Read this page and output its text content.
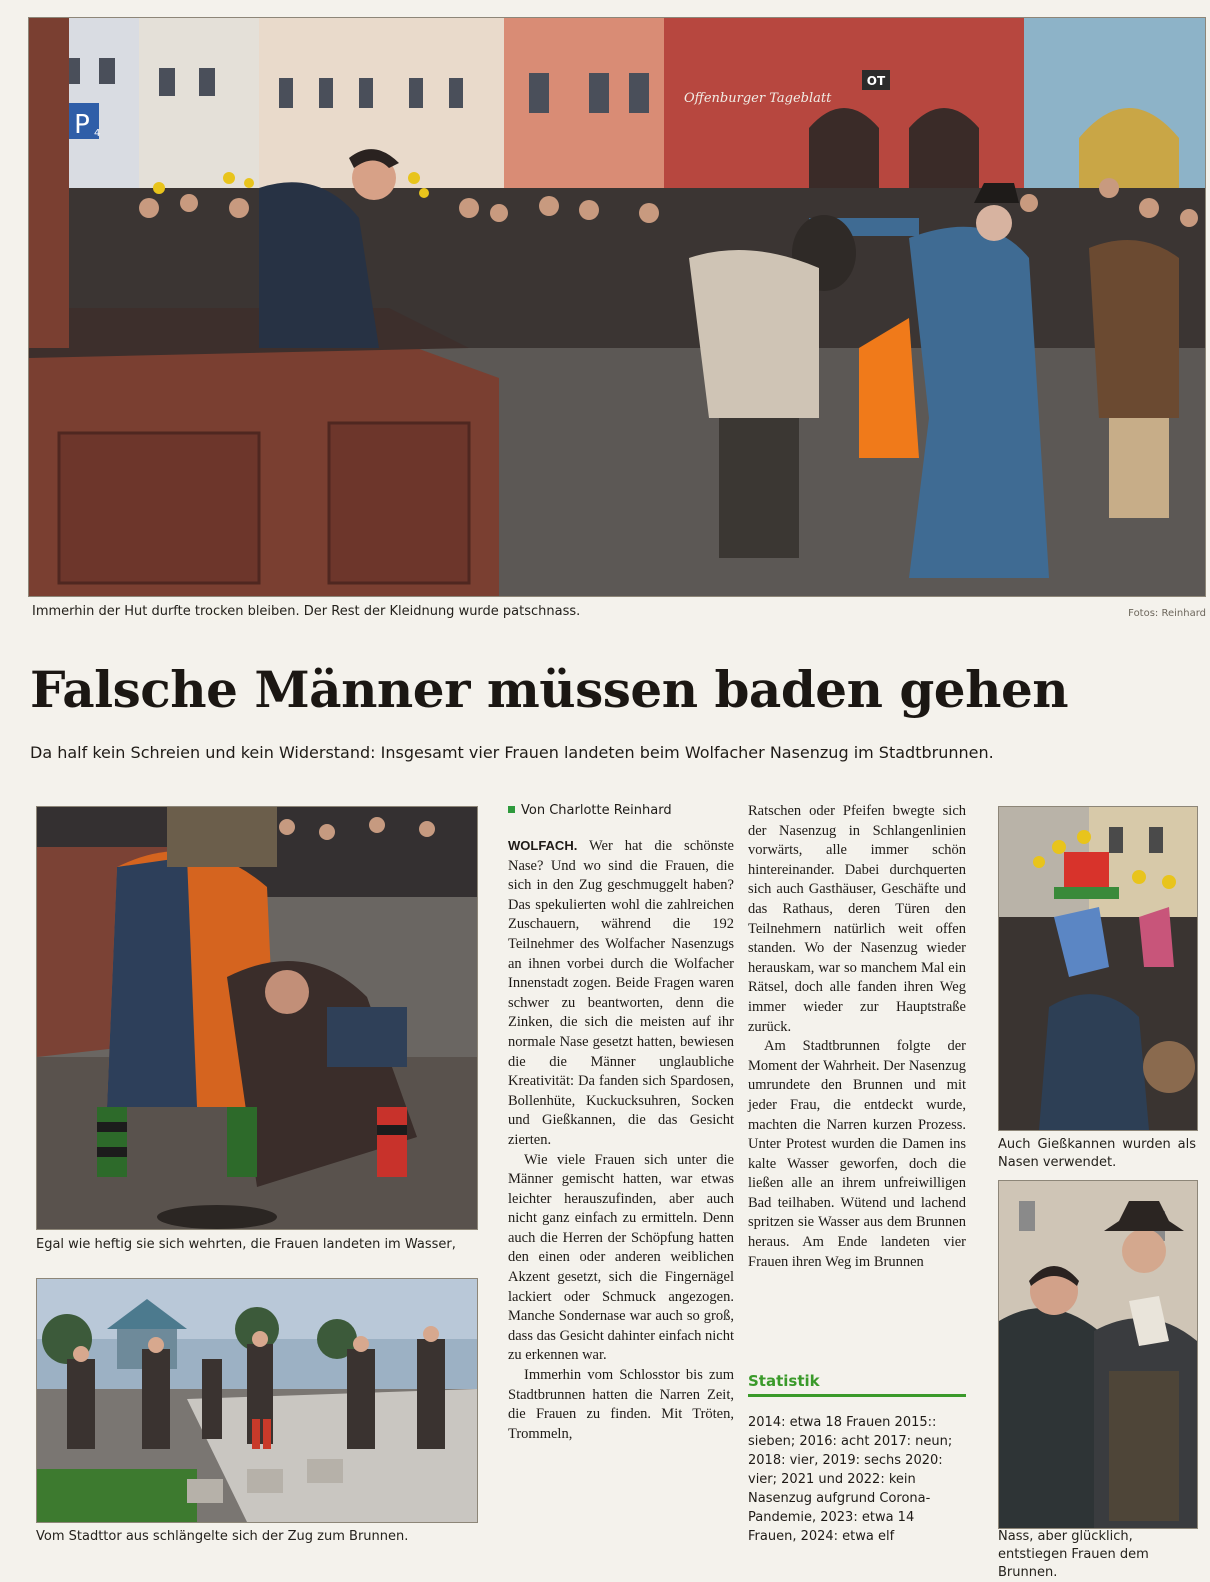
P 4
Offenburger Tageblatt
OT
Immerhin der Hut durfte trocken bleiben. Der Rest der Kleidnung wurde patschnass.	Fotos: Reinhard
Falsche Männer müssen baden gehen
Da half kein Schreien und kein Widerstand: Insgesamt vier Frauen landeten beim Wolfacher Nasenzug im Stadtbrunnen.
Egal wie heftig sie sich wehrten, die Frauen landeten im Wasser,
Vom Stadttor aus schlängelte sich der Zug zum Brunnen.
Von Charlotte Reinhard

WOLFACH. Wer hat die schönste Nase? Und wo sind die Frauen, die sich in den Zug geschmuggelt haben? Das spekulierten wohl die zahlreichen Zuschauern, während die 192 Teilnehmer des Wolfacher Nasenzugs an ihnen vorbei durch die Wolfacher Innenstadt zogen. Beide Fragen waren schwer zu beantworten, denn die Zinken, die sich die meisten auf ihr normale Nase gesetzt hatten, bewiesen die die Männer unglaubliche Kreativität: Da fanden sich Spardosen, Bollenhüte, Kuckucksuhren, Socken und Gießkannen, die das Gesicht zierten.

Wie viele Frauen sich unter die Männer gemischt hatten, war etwas leichter herauszufinden, aber auch nicht ganz einfach zu ermitteln. Denn auch die Herren der Schöpfung hatten den einen oder anderen weiblichen Akzent gesetzt, sich die Fingernägel lackiert oder Schmuck angezogen. Manche Sondernase war auch so groß, dass das Gesicht dahinter einfach nicht zu erkennen war.

Immerhin vom Schlosstor bis zum Stadtbrunnen hatten die Narren Zeit, die Frauen zu finden. Mit Tröten, Trommeln,

Ratschen oder Pfeifen bwegte sich der Nasenzug in Schlangenlinien vorwärts, alle immer schön hintereinander. Dabei durchquerten sich auch Gasthäuser, Geschäfte und das Rathaus, deren Türen den Teilnehmern natürlich weit offen standen. Wo der Nasenzug wieder herauskam, war so manchem Mal ein Rätsel, doch alle fanden ihren Weg immer wieder zur Hauptstraße zurück.

Am Stadtbrunnen folgte der Moment der Wahrheit. Der Nasenzug umrundete den Brunnen und mit jeder Frau, die entdeckt wurde, machten die Narren kurzen Prozess. Unter Protest wurden die Damen ins kalte Wasser geworfen, doch die ließen alle an ihrem unfreiwilligen Bad teilhaben. Wütend und lachend spritzen sie Wasser aus dem Brunnen heraus. Am Ende landeten vier Frauen ihren Weg im Brunnen

Statistik
2014: etwa 18 Frauen 2015:: sieben; 2016: acht 2017: neun; 2018: vier, 2019: sechs 2020: vier; 2021 und 2022: kein Nasenzug aufgrund Corona-Pandemie, 2023: etwa 14 Frauen, 2024: etwa elf
Auch Gießkannen wurden als Nasen verwendet.
Nass, aber glücklich, entstiegen Frauen dem Brunnen.
